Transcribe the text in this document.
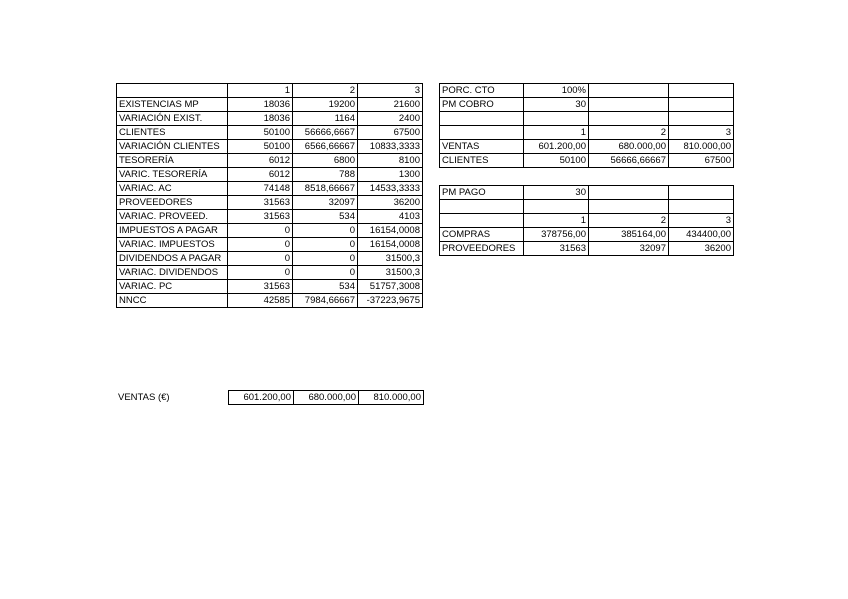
	1	2	3
EXISTENCIAS MP	18036	19200	21600
VARIACIÓN EXIST.	18036	1164	2400
CLIENTES	50100	56666,6667	67500
VARIACIÓN CLIENTES	50100	6566,66667	10833,3333
TESORERÍA	6012	6800	8100
VARIC. TESORERÍA	6012	788	1300
VARIAC. AC	74148	8518,66667	14533,3333
PROVEEDORES	31563	32097	36200
VARIAC. PROVEED.	31563	534	4103
IMPUESTOS A PAGAR	0	0	16154,0008
VARIAC. IMPUESTOS	0	0	16154,0008
DIVIDENDOS A PAGAR	0	0	31500,3
VARIAC. DIVIDENDOS	0	0	31500,3
VARIAC. PC	31563	534	51757,3008
NNCC	42585	7984,66667	-37223,9675
PORC. CTO	100%		
PM COBRO	30		

	1	2	3
VENTAS	601.200,00	680.000,00	810.000,00
CLIENTES	50100	56666,66667	67500
PM PAGO	30		

	1	2	3
COMPRAS	378756,00	385164,00	434400,00
PROVEEDORES	31563	32097	36200
VENTAS (€)	601.200,00	680.000,00	810.000,00
